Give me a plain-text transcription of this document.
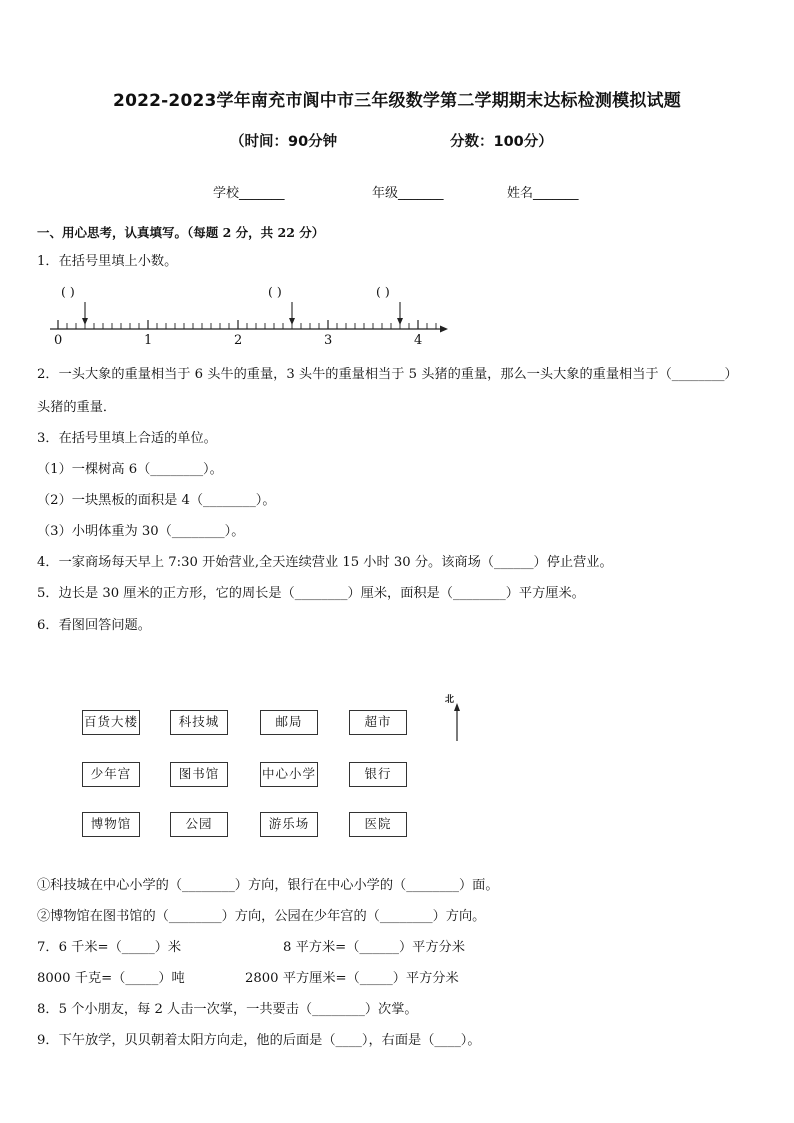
2022-2023学年南充市阆中市三年级数学第二学期期末达标检测模拟试题
（时间：90分钟	分数：100分）
学校_______	年级_______	姓名_______
一、用心思考，认真填写。（每题 2 分，共 22 分）
1．在括号里填上小数。
0	1	2	3	4
( )	( )	( )
2．一头大象的重量相当于 6 头牛的重量，3 头牛的重量相当于 5 头猪的重量，那么一头大象的重量相当于（________）
头猪的重量．
3．在括号里填上合适的单位。
（1）一棵树高 6（________）。
（2）一块黑板的面积是 4（________）。
（3）小明体重为 30（________）。
4．一家商场每天早上 7:30 开始营业,全天连续营业 15 小时 30 分。该商场（______）停止营业。
5．边长是 30 厘米的正方形，它的周长是（________）厘米，面积是（________）平方厘米。
6．看图回答问题。
百货大楼	科技城	邮局	超市
少年宫	图书馆	中心小学	银行
博物馆	公园	游乐场	医院
北
①科技城在中心小学的（________）方向，银行在中心小学的（________）面。
②博物馆在图书馆的（________）方向，公园在少年宫的（________）方向。
7．6 千米=（_____）米	8 平方米=（______）平方分米
8000 千克=（_____）吨	2800 平方厘米=（_____）平方分米
8．5 个小朋友，每 2 人击一次掌，一共要击（________）次掌。
9．下午放学，贝贝朝着太阳方向走，他的后面是（____），右面是（____）。
